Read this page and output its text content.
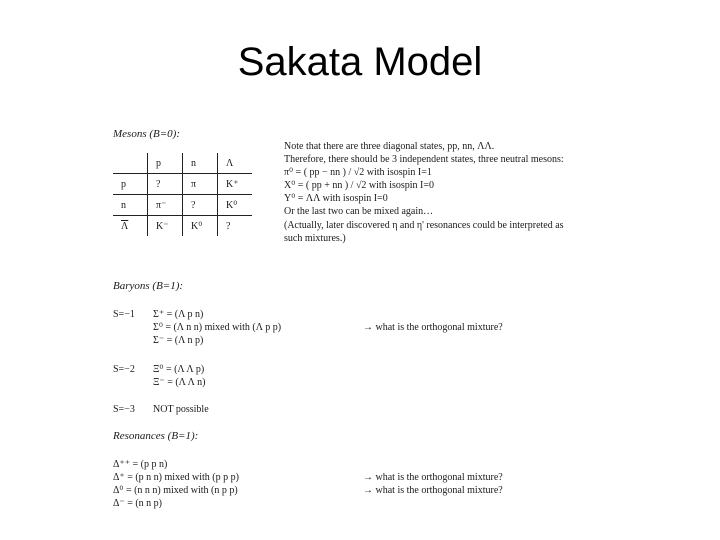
Sakata Model
Mesons (B=0):
	p	n	Λ
p	?	π	K⁺
n	π⁻	?	K⁰
$\overline{\Lambda}$	K⁻	K⁰	?
Note that there are three diagonal states, pp, nn, ΛΛ.
Therefore, there should be 3 independent states, three neutral mesons:
π⁰ = ( pp − nn ) / √2 with isospin I=1
X⁰ = ( pp + nn ) / √2 with isospin I=0
Y⁰ = ΛΛ with isospin I=0
Or the last two can be mixed again…
(Actually, later discovered η and η' resonances could be interpreted as
such mixtures.)
Baryons (B=1):
S=−1 Σ⁺ = (Λ p n)
Σ⁰ = (Λ n n) mixed with (Λ p p)
Σ⁻ = (Λ n p)
→ what is the orthogonal mixture?
S=−2 Ξ⁰ = (Λ Λ p)
Ξ⁻ = (Λ Λ n)
S=−3 NOT possible
Resonances (B=1):
Δ⁺⁺ = (p p n)
Δ⁺ = (p n n) mixed with (p p p)
Δ⁰ = (n n n) mixed with (n p p)
Δ⁻ = (n n p)
→ what is the orthogonal mixture?
→ what is the orthogonal mixture?
